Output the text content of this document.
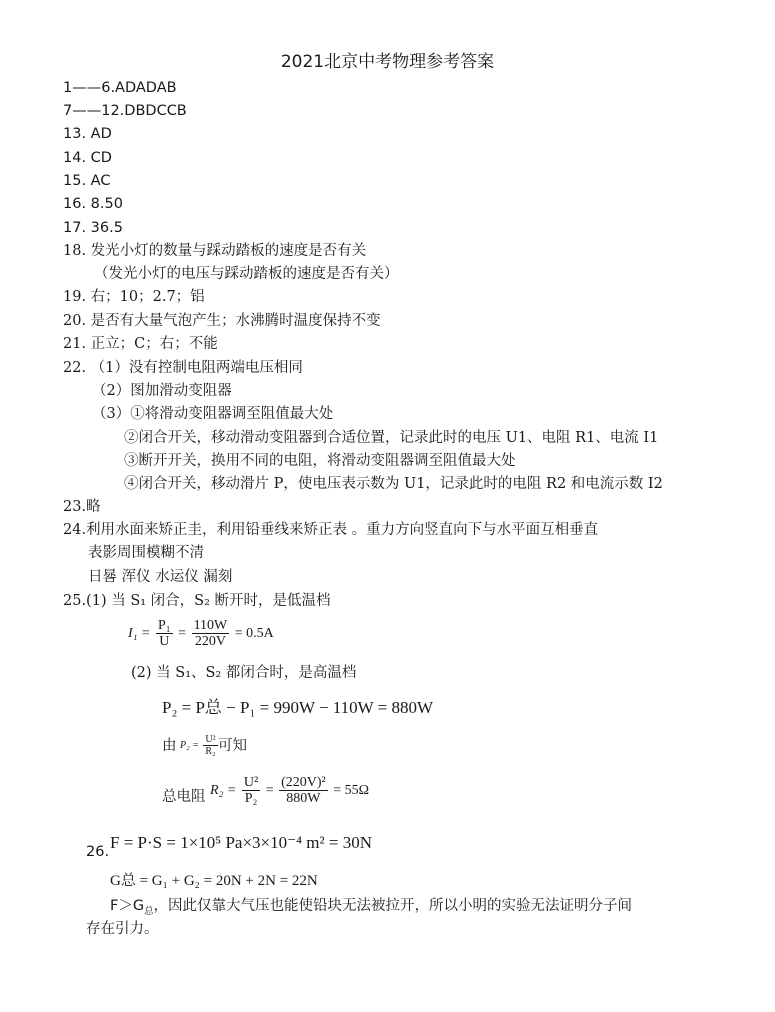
2021北京中考物理参考答案
1——6.ADADAB
7——12.DBDCCB
13. AD
14. CD
15. AC
16. 8.50
17. 36.5
18. 发光小灯的数量与踩动踏板的速度是否有关
（发光小灯的电压与踩动踏板的速度是否有关）
19. 右；10；2.7；铝
20. 是否有大量气泡产生；水沸腾时温度保持不变
21. 正立；C；右；不能
22. （1）没有控制电阻两端电压相同
（2）图加滑动变阻器
（3）①将滑动变阻器调至阻值最大处
②闭合开关，移动滑动变阻器到合适位置，记录此时的电压 U1、电阻 R1、电流 I1
③断开开关，换用不同的电阻，将滑动变阻器调至阻值最大处
④闭合开关，移动滑片 P，使电压表示数为 U1，记录此时的电阻 R2 和电流示数 I2
23.略
24.利用水面来矫正圭，利用铅垂线来矫正表 。重力方向竖直向下与水平面互相垂直
表影周围模糊不清
日晷 浑仪 水运仪 漏刻
25.(1) 当 S₁ 闭合，S₂ 断开时，是低温档
$I_1 = \frac{\text{P₁}}{U} = \frac{110W}{220V} = 0.5A$
(2) 当 S₁、S₂ 都闭合时，是高温档
P₂ = P总 − P₁ = 990W − 110W = 880W
由 $P_2 = \frac{\text{U²}}{\text{R₂}}$ 可知
总电阻 $R_2 = \frac{\text{U²}}{\text{P₂}} = \frac{\text{(220V)²}}{880W} = 55\Omega$
26. F = P·S = 1×10⁵ Pa×3×10⁻⁴ m² = 30N
G总 = G₁ + G₂ = 20N + 2N = 22N
$F>G_总$，因此仅靠大气压也能使铅块无法被拉开，所以小明的实验无法证明分子间
存在引力。
